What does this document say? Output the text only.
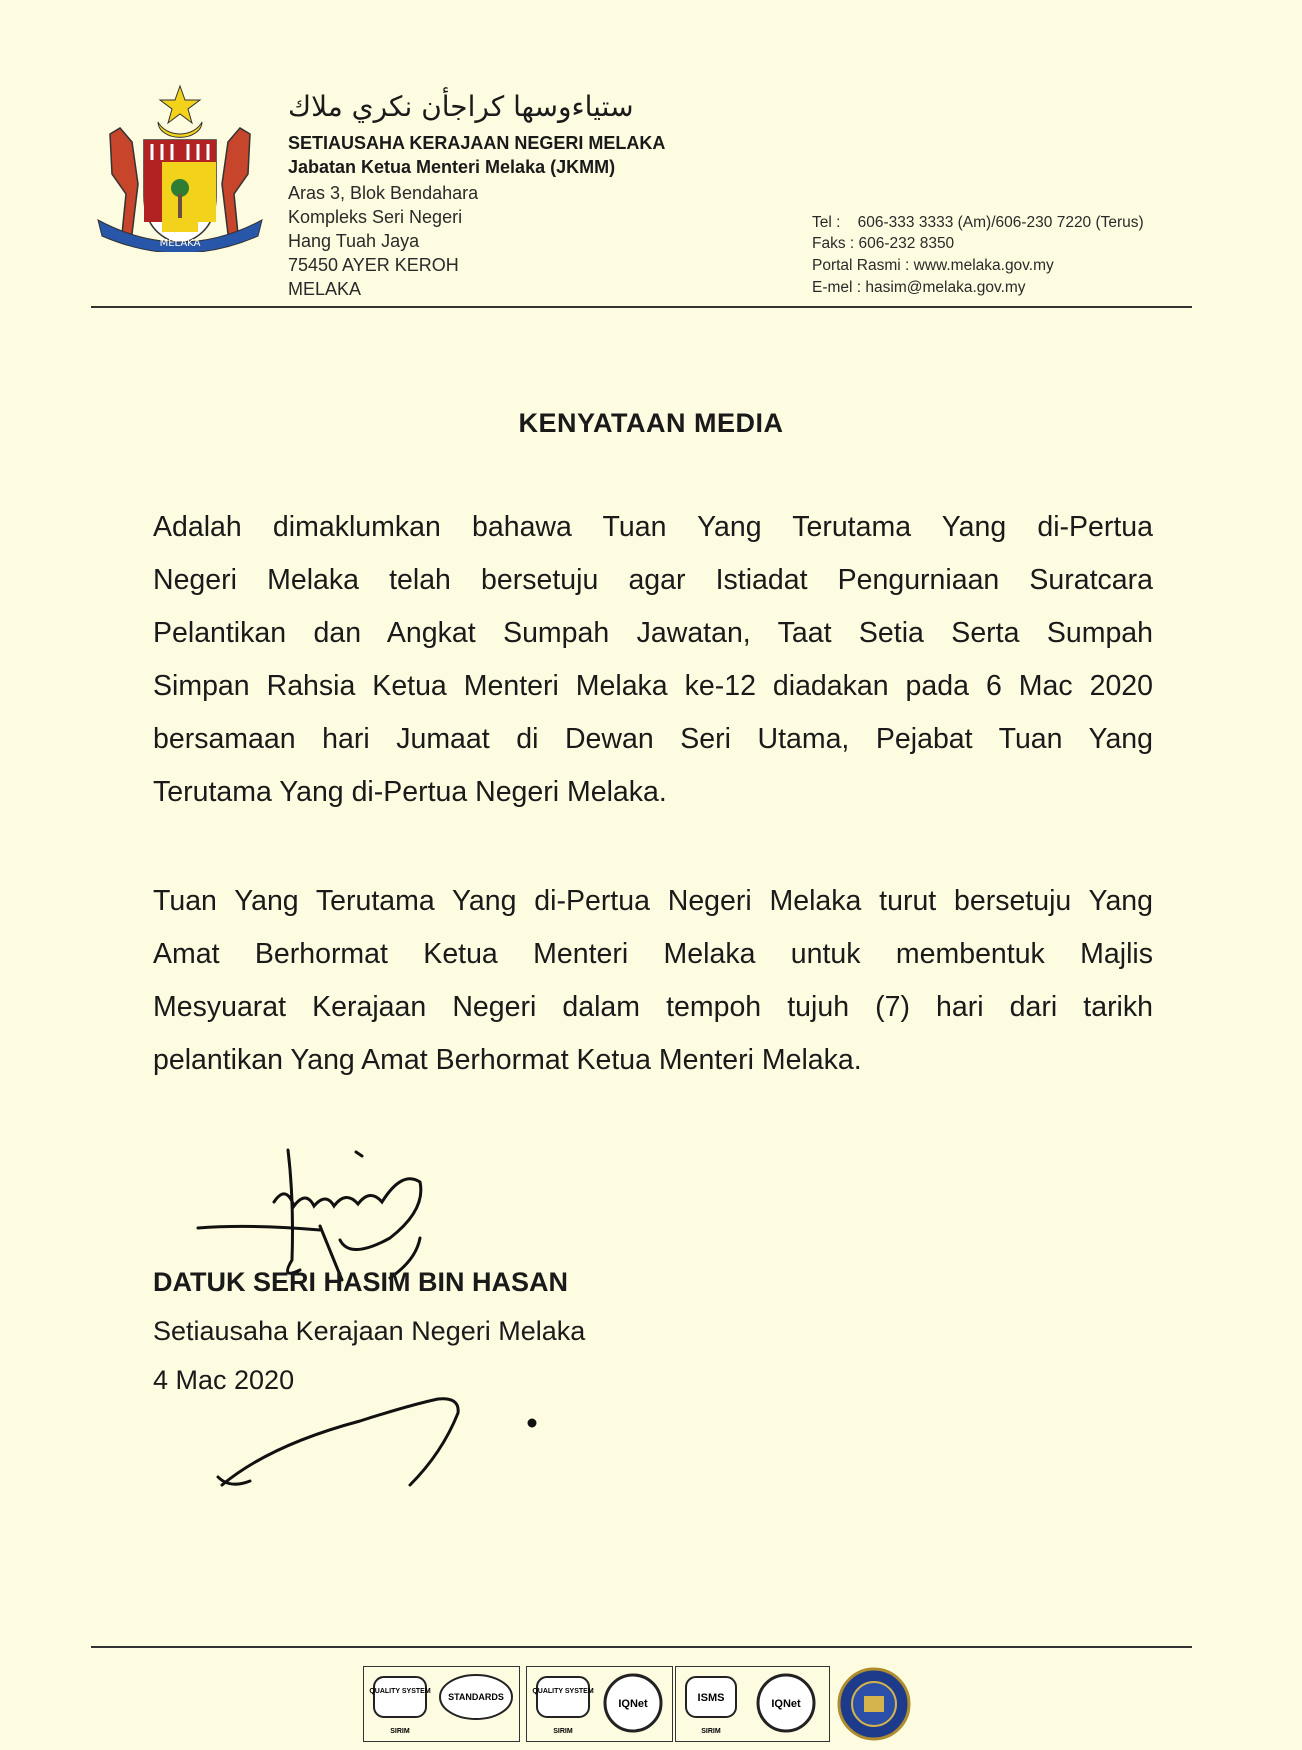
MELAKA
ستياءوسها كراجأن نكري ملاك
SETIAUSAHA KERAJAAN NEGERI MELAKA
Jabatan Ketua Menteri Melaka (JKMM)
Aras 3, Blok Bendahara
Kompleks Seri Negeri
Hang Tuah Jaya
75450 AYER KEROH
MELAKA
Tel :    606-333 3333 (Am)/606-230 7220 (Terus)
Faks : 606-232 8350
Portal Rasmi : www.melaka.gov.my
E-mel : hasim@melaka.gov.my
KENYATAAN MEDIA
Adalah dimaklumkan bahawa Tuan Yang Terutama Yang di-Pertua
Negeri Melaka telah bersetuju agar Istiadat Pengurniaan Suratcara
Pelantikan dan Angkat Sumpah Jawatan, Taat Setia Serta Sumpah
Simpan Rahsia Ketua Menteri Melaka ke-12 diadakan pada 6 Mac 2020
bersamaan hari Jumaat di Dewan Seri Utama, Pejabat Tuan Yang
Terutama Yang di-Pertua Negeri Melaka.
Tuan Yang Terutama Yang di-Pertua Negeri Melaka turut bersetuju Yang
Amat Berhormat Ketua Menteri Melaka untuk membentuk Majlis
Mesyuarat Kerajaan Negeri dalam tempoh tujuh (7) hari dari tarikh
pelantikan Yang Amat Berhormat Ketua Menteri Melaka.
DATUK SERI HASIM BIN HASAN
Setiausaha Kerajaan Negeri Melaka
4 Mac 2020
QUALITY SYSTEM
SIRIM
STANDARDS
QUALITY SYSTEM
SIRIM
IQNet	ISMS
SIRIM
IQNet
